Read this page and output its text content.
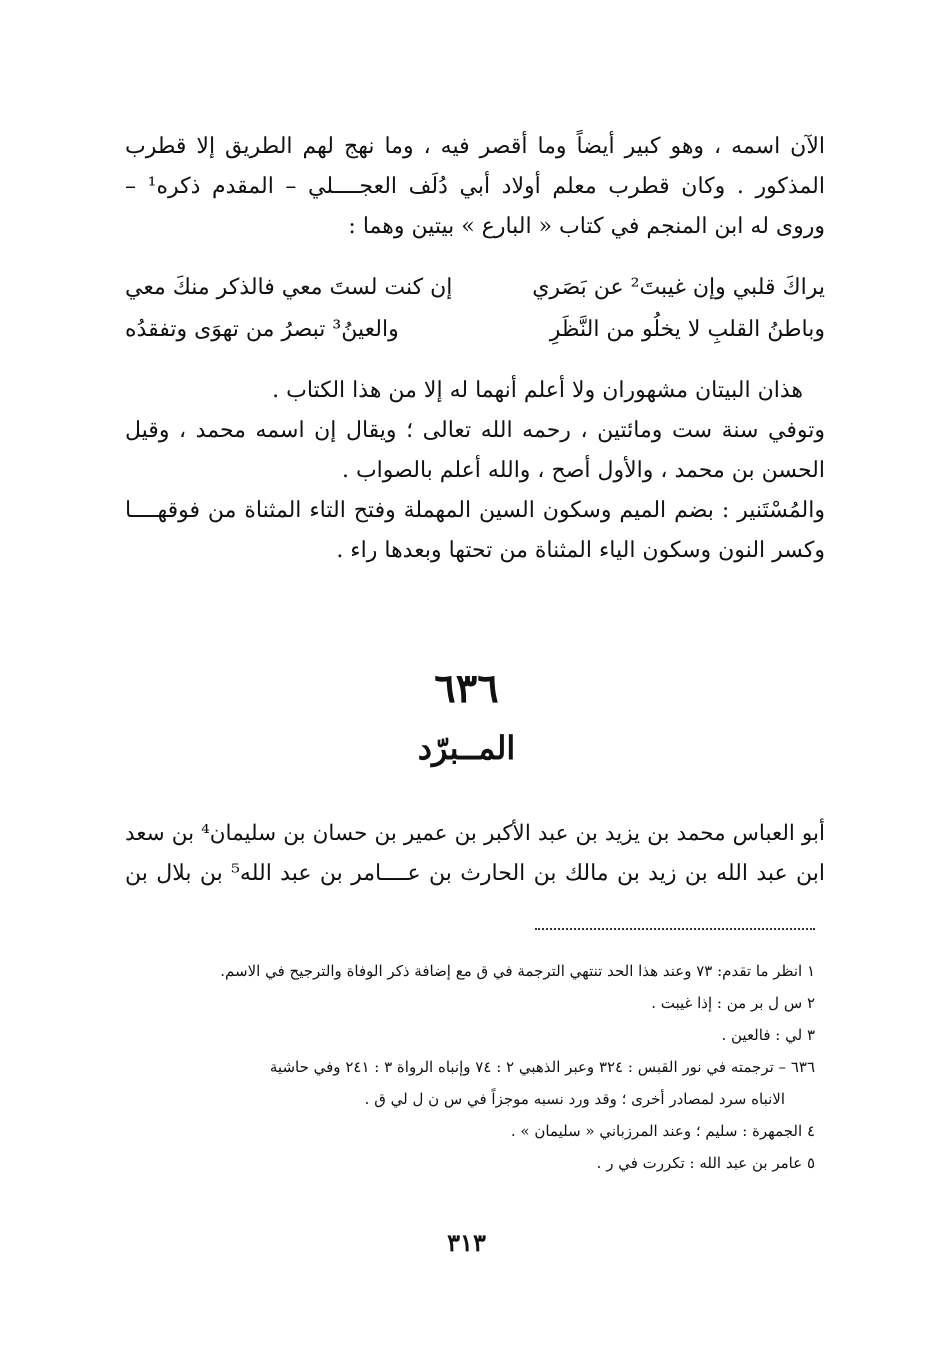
الآن اسمه ، وهو كبير أيضاً وما أقصر فيه ، وما نهج لهم الطريق إلا قطرب
المذكور . وكان قطرب معلم أولاد أبي دُلَف العجــــلي – المقدم ذكره¹ –
وروى له ابن المنجم في كتاب « البارع » بيتين وهما :
يراكَ قلبي وإن غيبتَ² عن بَصَري
إن كنت لستَ معي فالذكر منكَ معي
وباطنُ القلبِ لا يخلُو من النَّظَرِ
والعينُ³ تبصرُ من تهوَى وتفقدُه
هذان البيتان مشهوران ولا أعلم أنهما له إلا من هذا الكتاب .
وتوفي سنة ست ومائتين ، رحمه الله تعالى ؛ ويقال إن اسمه محمد ، وقيل
الحسن بن محمد ، والأول أصح ، والله أعلم بالصواب .
والمُسْتَنير : بضم الميم وسكون السين المهملة وفتح التاء المثناة من فوقهــــا
وكسر النون وسكون الياء المثناة من تحتها وبعدها راء .
٦٣٦
المــبرّد
أبو العباس محمد بن يزيد بن عبد الأكبر بن عمير بن حسان بن سليمان⁴ بن سعد
ابن عبد الله بن زيد بن مالك بن الحارث بن عــــامر بن عبد الله⁵ بن بلال بن
١ انظر ما تقدم: ٧٣ وعند هذا الحد تنتهي الترجمة في ق مع إضافة ذكر الوفاة والترجيح في الاسم.
٢ س ل بر من : إذا غيبت .
٣ لي : فالعين .
٦٣٦ – ترجمته في نور القبس : ٣٢٤ وعبر الذهبي ٢ : ٧٤ وإنباه الرواة ٣ : ٢٤١ وفي حاشية
الانباه سرد لمصادر أخرى ؛ وقد ورد نسبه موجزاً في س ن ل لي ق .
٤ الجمهرة : سليم ؛ وعند المرزباني « سليمان » .
٥ عامر بن عبد الله : تكررت في ر .
٣١٣
